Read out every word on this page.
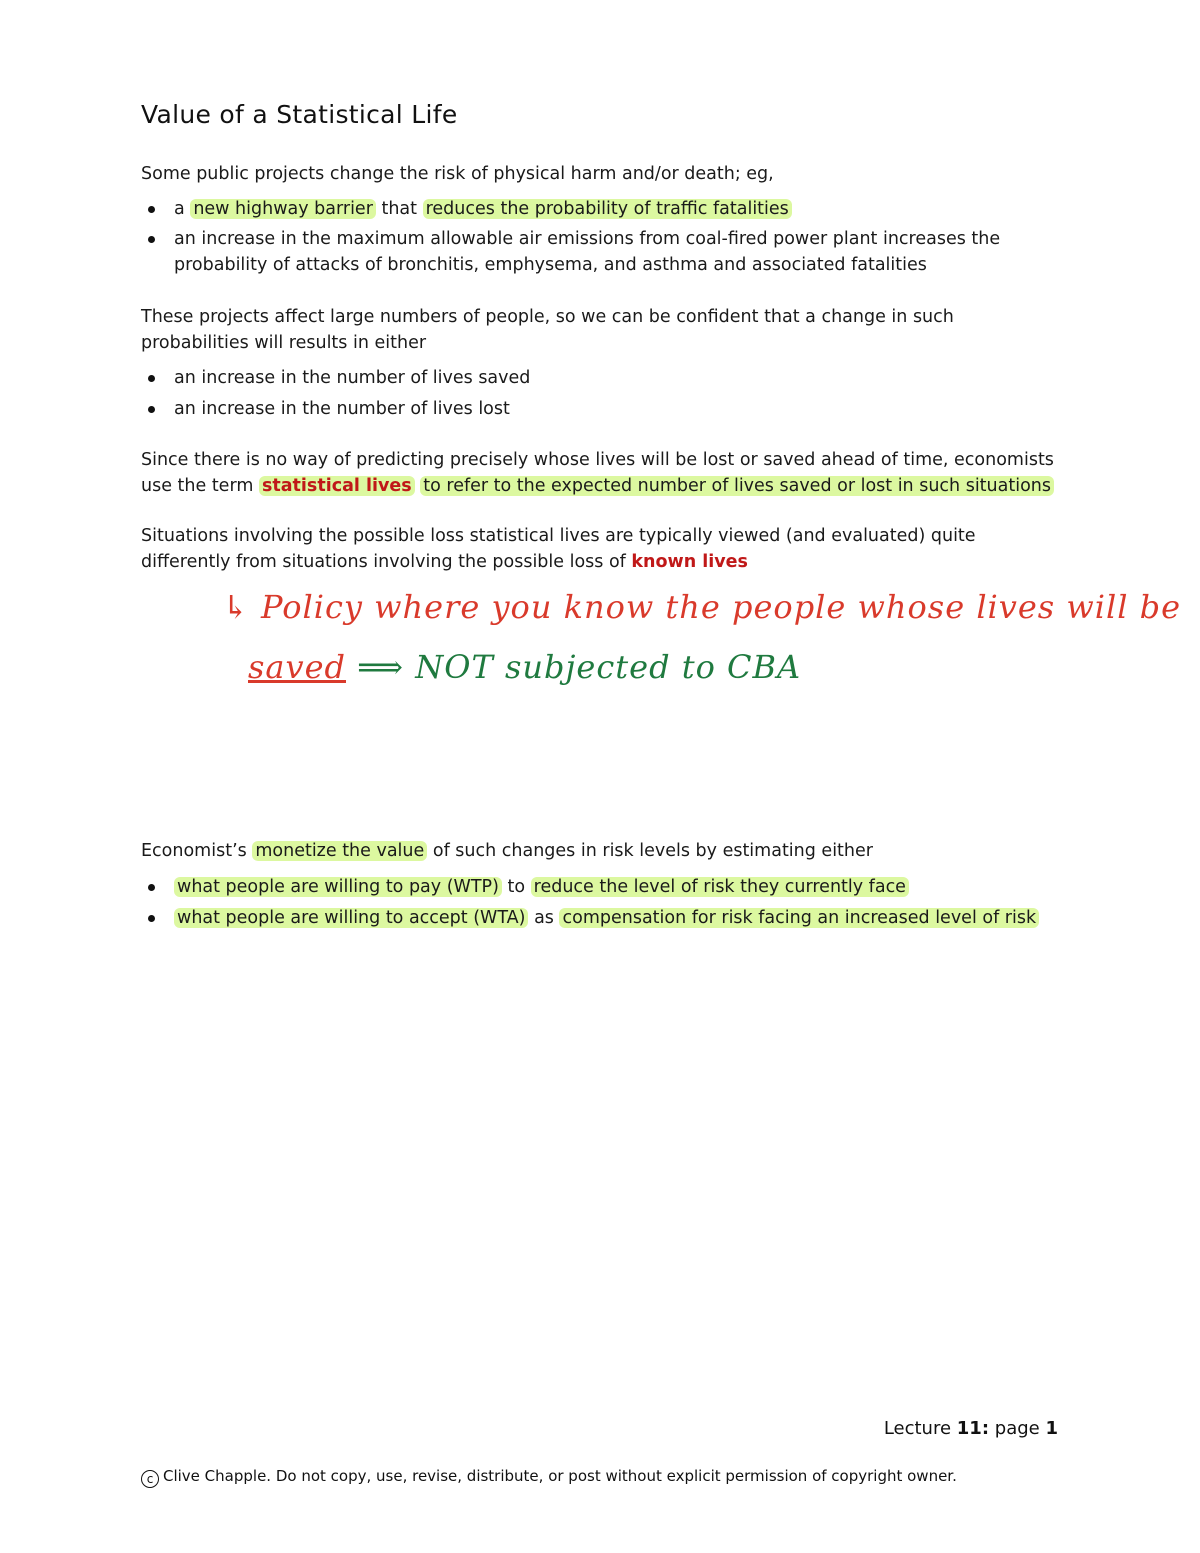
Value of a Statistical Life
Some public projects change the risk of physical harm and/or death; eg,
a new highway barrier that reduces the probability of traffic fatalities
an increase in the maximum allowable air emissions from coal-fired power plant increases the probability of attacks of bronchitis, emphysema, and asthma and associated fatalities
These projects affect large numbers of people, so we can be confident that a change in such probabilities will results in either
an increase in the number of lives saved
an increase in the number of lives lost
Since there is no way of predicting precisely whose lives will be lost or saved ahead of time, economists use the term statistical lives to refer to the expected number of lives saved or lost in such situations
Situations involving the possible loss statistical lives are typically viewed (and evaluated) quite differently from situations involving the possible loss of known lives
↳ Policy where you know the people whose lives will be
saved ⟹ NOT subjected to CBA
Economist’s monetize the value of such changes in risk levels by estimating either
what people are willing to pay (WTP) to reduce the level of risk they currently face
what people are willing to accept (WTA) as compensation for risk facing an increased level of risk
Lecture 11: page 1
c Clive Chapple. Do not copy, use, revise, distribute, or post without explicit permission of copyright owner.
